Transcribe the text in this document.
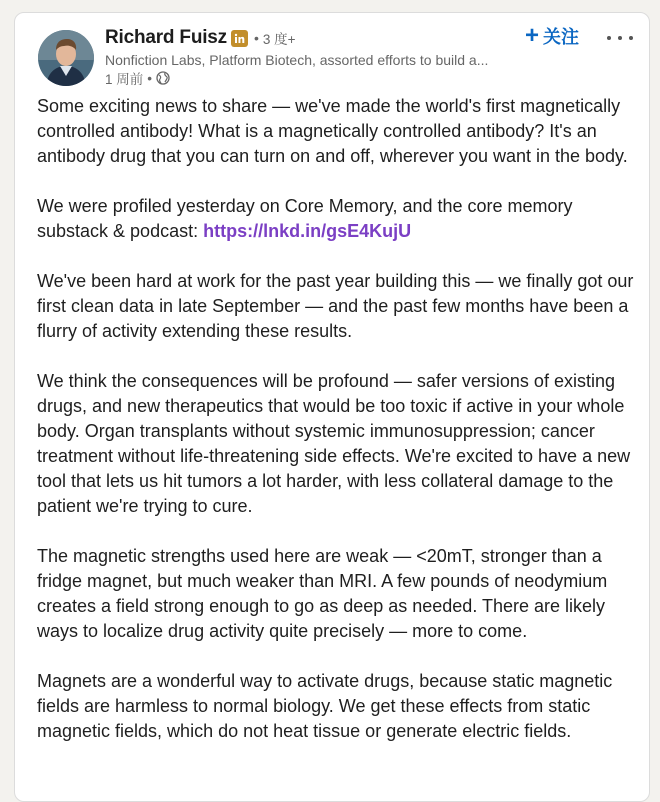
Richard Fuisz • 3 度+
Nonfiction Labs, Platform Biotech, assorted efforts to build a...
1 周前 •
+ 关注

Some exciting news to share — we've made the world's first magnetically controlled antibody! What is a magnetically controlled antibody? It's an antibody drug that you can turn on and off, wherever you want in the body.

We were profiled yesterday on Core Memory, and the core memory substack & podcast: https://lnkd.in/gsE4KujU

We've been hard at work for the past year building this — we finally got our first clean data in late September — and the past few months have been a flurry of activity extending these results.

We think the consequences will be profound — safer versions of existing drugs, and new therapeutics that would be too toxic if active in your whole body. Organ transplants without systemic immunosuppression; cancer treatment without life-threatening side effects. We're excited to have a new tool that lets us hit tumors a lot harder, with less collateral damage to the patient we're trying to cure.

The magnetic strengths used here are weak — <20mT, stronger than a fridge magnet, but much weaker than MRI. A few pounds of neodymium creates a field strong enough to go as deep as needed. There are likely ways to localize drug activity quite precisely — more to come.

Magnets are a wonderful way to activate drugs, because static magnetic fields are harmless to normal biology. We get these effects from static magnetic fields, which do not heat tissue or generate electric fields.
